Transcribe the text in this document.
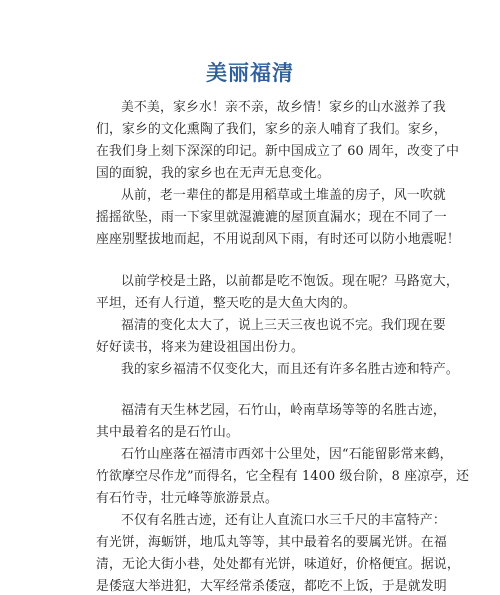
美丽福清
美不美，家乡水！亲不亲，故乡情！家乡的山水滋养了我
们，家乡的文化熏陶了我们，家乡的亲人哺育了我们。家乡，
在我们身上刻下深深的印记。新中国成立了 60 周年，改变了中
国的面貌，我的家乡也在无声无息变化。
从前，老一辈住的都是用稻草或土堆盖的房子，风一吹就
摇摇欲坠，雨一下家里就湿漉漉的屋顶直漏水；现在不同了一
座座别墅拔地而起，不用说刮风下雨，有时还可以防小地震呢！
以前学校是土路，以前都是吃不饱饭。现在呢？马路宽大，
平坦，还有人行道，整天吃的是大鱼大肉的。
福清的变化太大了，说上三天三夜也说不完。我们现在要
好好读书，将来为建设祖国出份力。
我的家乡福清不仅变化大，而且还有许多名胜古迹和特产。
福清有天生林艺园，石竹山，岭南草场等等的名胜古迹，
其中最着名的是石竹山。
石竹山座落在福清市西郊十公里处，因“石能留影常来鹤，
竹欲摩空尽作龙”而得名，它全程有 1400 级台阶，8 座凉亭，还
有石竹寺，壮元峰等旅游景点。
不仅有名胜古迹，还有让人直流口水三千尺的丰富特产：
有光饼，海蛎饼，地瓜丸等等，其中最着名的要属光饼。在福
清，无论大街小巷，处处都有光饼，味道好，价格便宜。据说，
是倭寇大举进犯，大军经常杀倭寇，都吃不上饭，于是就发明
